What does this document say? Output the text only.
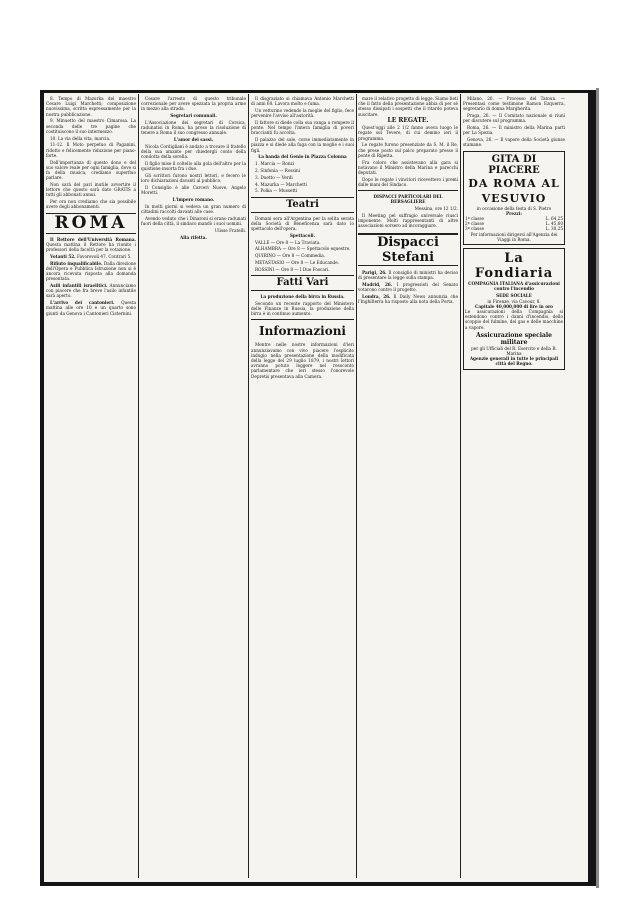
8. Tempo di Mazurka del maestro Cesare Luigi Marchetti; composizione nuovissima, scritta espressamente per la nostra pubblicazione.

9. Minuetto del maestro Cimarosa. La seconda delle tre pagine che costituiscono il suo intermezzo.

10. La via della vita, marcia.

11-12. Il Moto perpetuo di Paganini, ridotto e felicemente riduzione per piano-forte.

Dell'importanza di questo dono e del suo valore reale per ogni famiglia, dove si fa della musica, crediamo superfluo parlare.

Non sarà del pari inutile avvertire il lettore che questo sarà dato GRATIS a tutti gli abbonati annui.

Per ora non crediamo che sia possibile avere degli abbonamenti.

ROMA

Il Rettore dell'Università Romana. Questa mattina il Rettore ha riunito i professori della facoltà per la votazione.

Votanti 52. Favorevoli 47. Contrari 5.

Rifiuto inqualificabile. Dalla direzione dell'Opera e Pubblica Istruzione non si è ancora ricevuta risposta alla domanda presentata.

Asili infantili israelitici. Annunciamo con piacere che fra breve l'asilo infantile sarà aperto.

L'arrivo dei cantonieri. Questa mattina alle ore 10 e un quarto sono giunti da Genova i Cantonieri Cisternini.

Cesare l'arresto di questo tribunale correzionale per avere spezzata la propria arme in mezzo alla strada.

Segretari comunali.

L'Associazione dei segretari di Corsica, radunatisi in Roma, ha preso la risoluzione di tenere a Roma il suo congresso annuale.

L'amor dei sassi.

Nicola Cordigliani è andato a trovare il fratello della sua amante per chiedergli conto della condotta della sorella.

Il figlio mise il coltello alla gola dell'altro per la quistione insorta fra i due.

Gli scrittori furono nostri lettori, e fecero le loro dichiarazioni davanti al pubblico.

Il Consiglio è alle Carceri Nuove, Angelo Moretti.

L'impero romano.

In molti giorni si vedeva un gran numero di cittadini raccolti davanti alle case.

Avendo veduto che i Dinaroni si erano radunati fuori della città, il sindaco mandò i suoi uomini.

Ulisse Fratelli.

Alla rifetta.

Il disgraziato si chiamava Antonio Marchetti di anni 60. Lavora molto e fuma.

Un vetturino vedendo la moglie del figlio, fece pervenire l'avviso all'autorità.

Il fattore si diede colla sua vanga a rompere il ponte. Nel tempo l'intera famiglia di poveri braccianti fu accolta.

Il palazzo del sale, corse immediatamente in piazza e si diede alla fuga con la moglie e i suoi figli.

La banda del Genio in Piazza Colonna

1. Marcia — Ronzi

2. Sinfonia — Rossini

3. Duetto — Verdi

4. Mazurka — Marchetti

5. Polka — Mussetti

Teatri

Domani sera all'Argentina per la solita serata della Società di Beneficenza sarà dato lo spettacolo dell'opera.

Spettacoli.

VALLE — Ore 8 — La Traviata.

ALHAMBRA — Ore 8 — Spettacolo equestre.

QUIRINO — Ore 8 — Commedia.

METASTASIO — Ore 8 — Le Educande.

ROSSINI — Ore 8 — I Due Foscari.

Fatti Vari

La produzione della birra in Russia.

Secondo un recente rapporto del Ministero delle Finanze in Russia, la produzione della birra è in continuo aumento.

Informazioni

Mentre nelle nostre informazioni d'ieri annunziavamo con vivo piacere l'esplicito indugio nella presentazione della modificata della legge del 29 luglio 1879, i nostri lettori avranno potuto leggere nel resoconto parlamentare che ieri stesso l'onorevole Depretis presentava alla Camera.

mare il relativo progetto di legge. Siamo lieti che il fatto della presentazione abbia di per sé stesso dissipati i sospetti che il ritardo poteva suscitare.

LE REGATE.

Quest'oggi alle 2 1/2 fanno aveva luogo le regate sul Tevere, di cui demmo ieri il programma.

Le regate furono presenziate da S. M. il Re, che prese posto sul palco preparato presso il ponte di Ripetta.

Fra coloro che assistevano alla gara si notavano il Ministro della Marina e parecchi deputati.

Dopo le regate i vincitori ricevettero i premi dalle mani del Sindaco.

DISPACCI PARTICOLARI DEL BERSAGLIERE

Messina, ore 12 1/2.

Il Meeting pel suffragio universale riuscì imponente. Molti rappresentanti di altre associazioni sorsero ad incoraggiare.

Dispacci Stefani

Parigi, 26. Il consiglio di ministri ha deciso di presentare la legge sulla stampa.

Madrid, 26. I progressisti del Senato votarono contro il progetto.

Londra, 26. Il Daily News annunzia che l'Inghilterra ha risposto alla nota della Porta.

Milano, 26. — Processo del Tatoun. — Presentasi come testimone Ramon Ezquerra, segretario di donna Margherita.

Praga, 26. — Il Comitato nazionale si riunì per discutere sul programma.

Roma, 26. — Il ministro della Marina partì per La Spezia.

Genova, 26. — Il vapore della Società giunse stamane.

GITA DI PIACERE
DA ROMA AL VESUVIO
in occasione della festa di S. Pietro
Prezzi:
1ª classe	L. 64,25
2ª classe	L. 45,60
3ª classe	L. 30,25
Per informazioni dirigersi all'Agenzia dei Viaggi in Roma.
La Fondiaria
COMPAGNIA ITALIANA d'assicurazioni contro l'incendio
SEDE SOCIALE
in Firenze, via Cavour, 8.
Capitale 40,000,000 di lire in oro
Le assicurazioni della Compagnia si estendono contro i danni d'incendio, dello scoppio del fulmine, del gas e delle macchine a vapore.
Assicurazione speciale militare
per gli Ufficiali del R. Esercito e della R. Marina
Agenzie generali in tutte le principali città del Regno.
